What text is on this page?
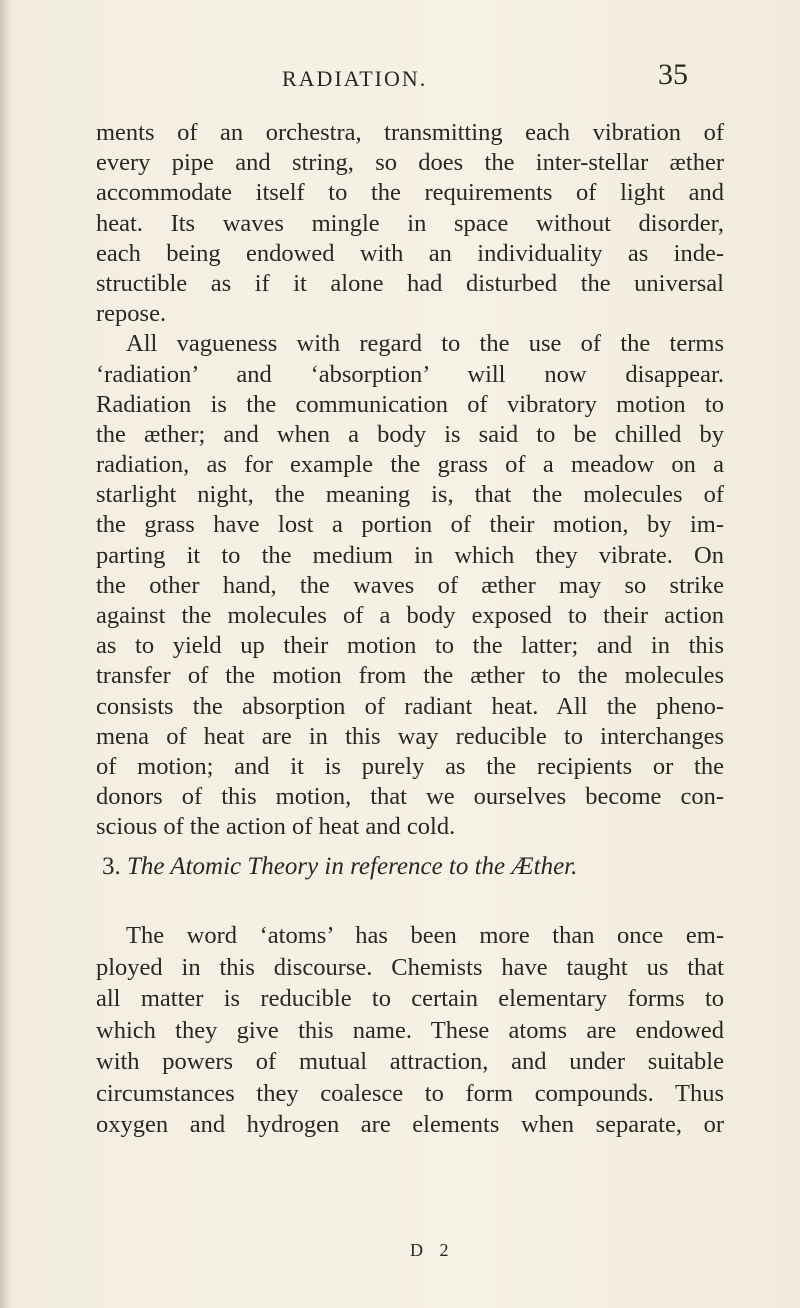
RADIATION.	35
ments of an orchestra, transmitting each vibration of
every pipe and string, so does the inter-stellar æther
accommodate itself to the requirements of light and
heat. Its waves mingle in space without disorder,
each being endowed with an individuality as inde-
structible as if it alone had disturbed the universal
repose.
All vagueness with regard to the use of the terms
‘radiation’ and ‘absorption’ will now disappear.
Radiation is the communication of vibratory motion to
the æther; and when a body is said to be chilled by
radiation, as for example the grass of a meadow on a
starlight night, the meaning is, that the molecules of
the grass have lost a portion of their motion, by im-
parting it to the medium in which they vibrate. On
the other hand, the waves of æther may so strike
against the molecules of a body exposed to their action
as to yield up their motion to the latter; and in this
transfer of the motion from the æther to the molecules
consists the absorption of radiant heat. All the pheno-
mena of heat are in this way reducible to interchanges
of motion; and it is purely as the recipients or the
donors of this motion, that we ourselves become con-
scious of the action of heat and cold.
3. The Atomic Theory in reference to the Æther.
The word ‘atoms’ has been more than once em-
ployed in this discourse. Chemists have taught us that
all matter is reducible to certain elementary forms to
which they give this name. These atoms are endowed
with powers of mutual attraction, and under suitable
circumstances they coalesce to form compounds. Thus
oxygen and hydrogen are elements when separate, or
D 2
